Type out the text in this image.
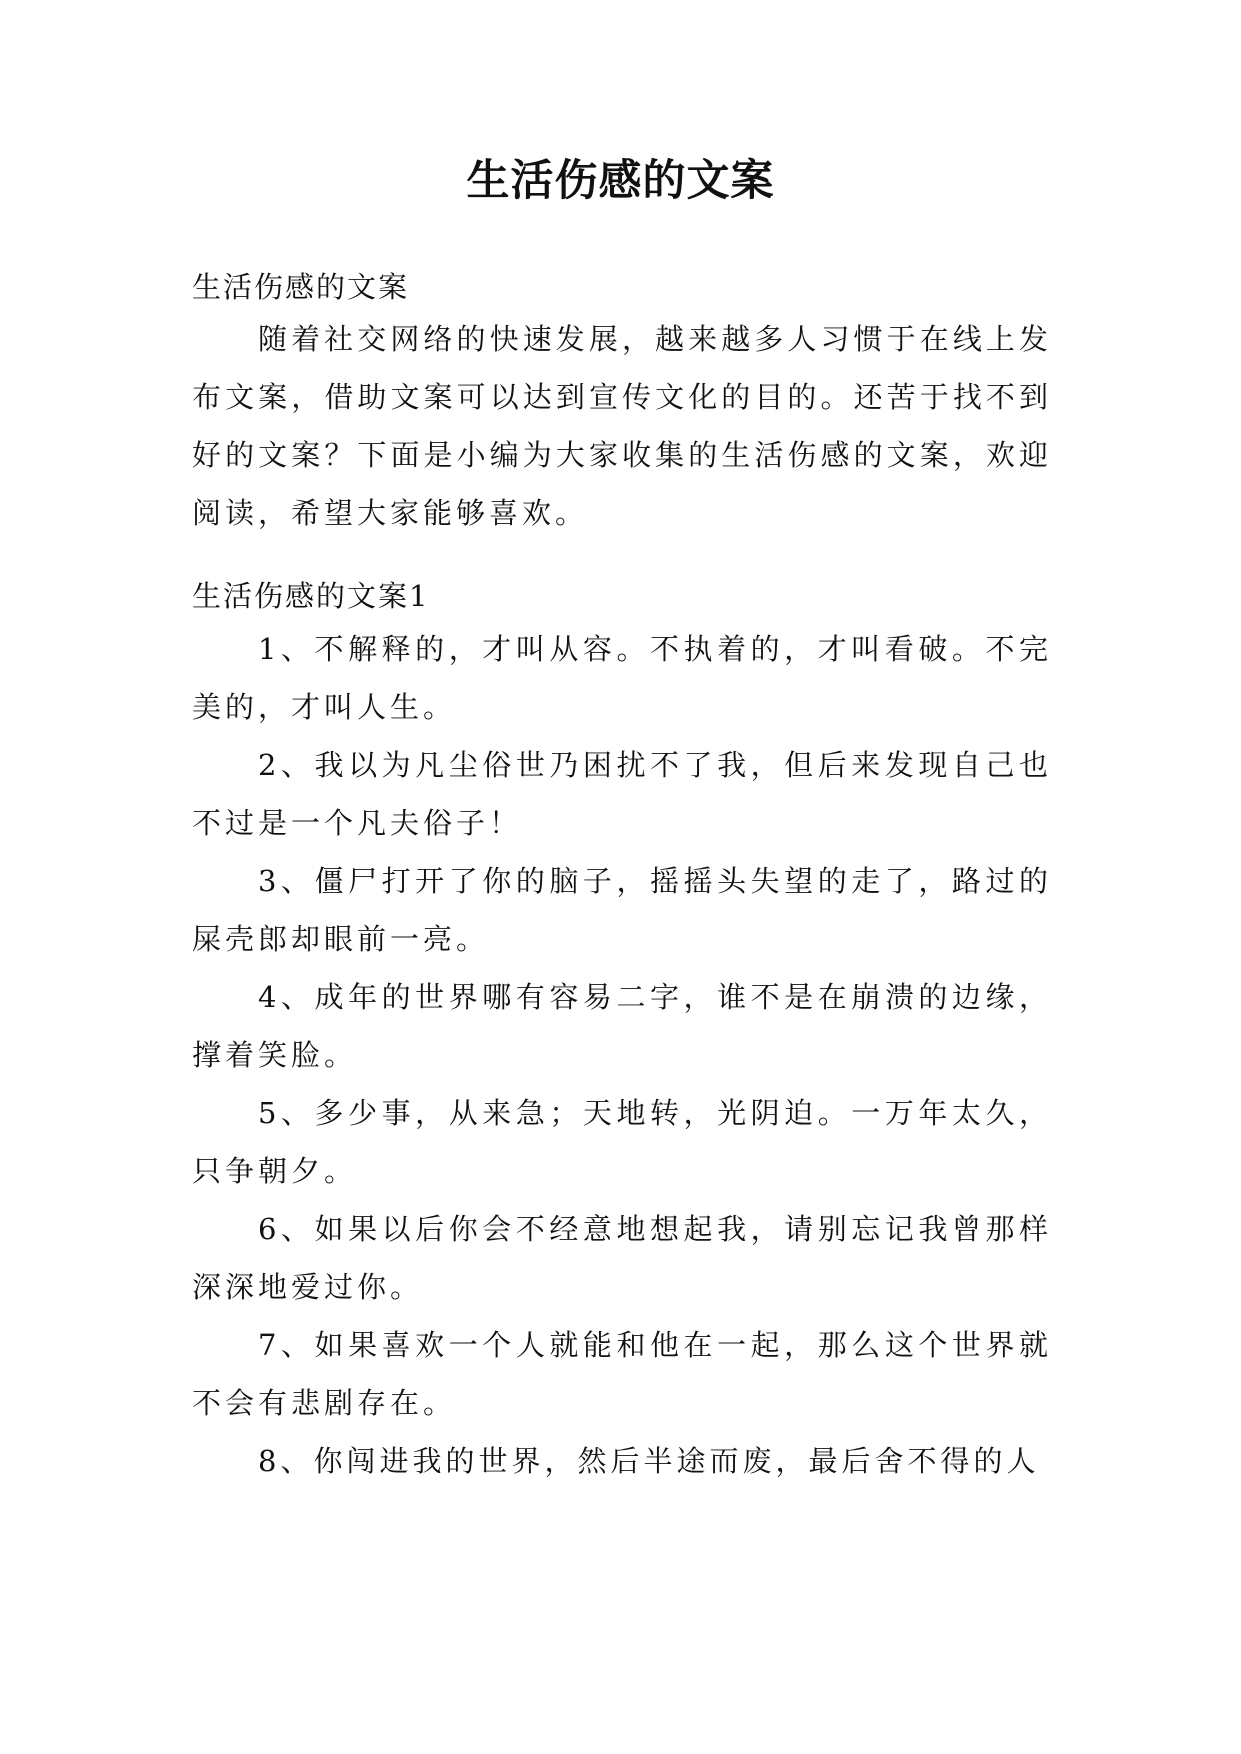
生活伤感的文案
生活伤感的文案

随着社交网络的快速发展，越来越多人习惯于在线上发布文案，借助文案可以达到宣传文化的目的。还苦于找不到好的文案？下面是小编为大家收集的生活伤感的文案，欢迎阅读，希望大家能够喜欢。

生活伤感的文案1

1、不解释的，才叫从容。不执着的，才叫看破。不完美的，才叫人生。

2、我以为凡尘俗世乃困扰不了我，但后来发现自己也不过是一个凡夫俗子！

3、僵尸打开了你的脑子，摇摇头失望的走了，路过的屎壳郎却眼前一亮。

4、成年的世界哪有容易二字，谁不是在崩溃的边缘，撑着笑脸。

5、多少事，从来急；天地转，光阴迫。一万年太久，只争朝夕。

6、如果以后你会不经意地想起我，请别忘记我曾那样深深地爱过你。

7、如果喜欢一个人就能和他在一起，那么这个世界就不会有悲剧存在。

8、你闯进我的世界，然后半途而废，最后舍不得的人
